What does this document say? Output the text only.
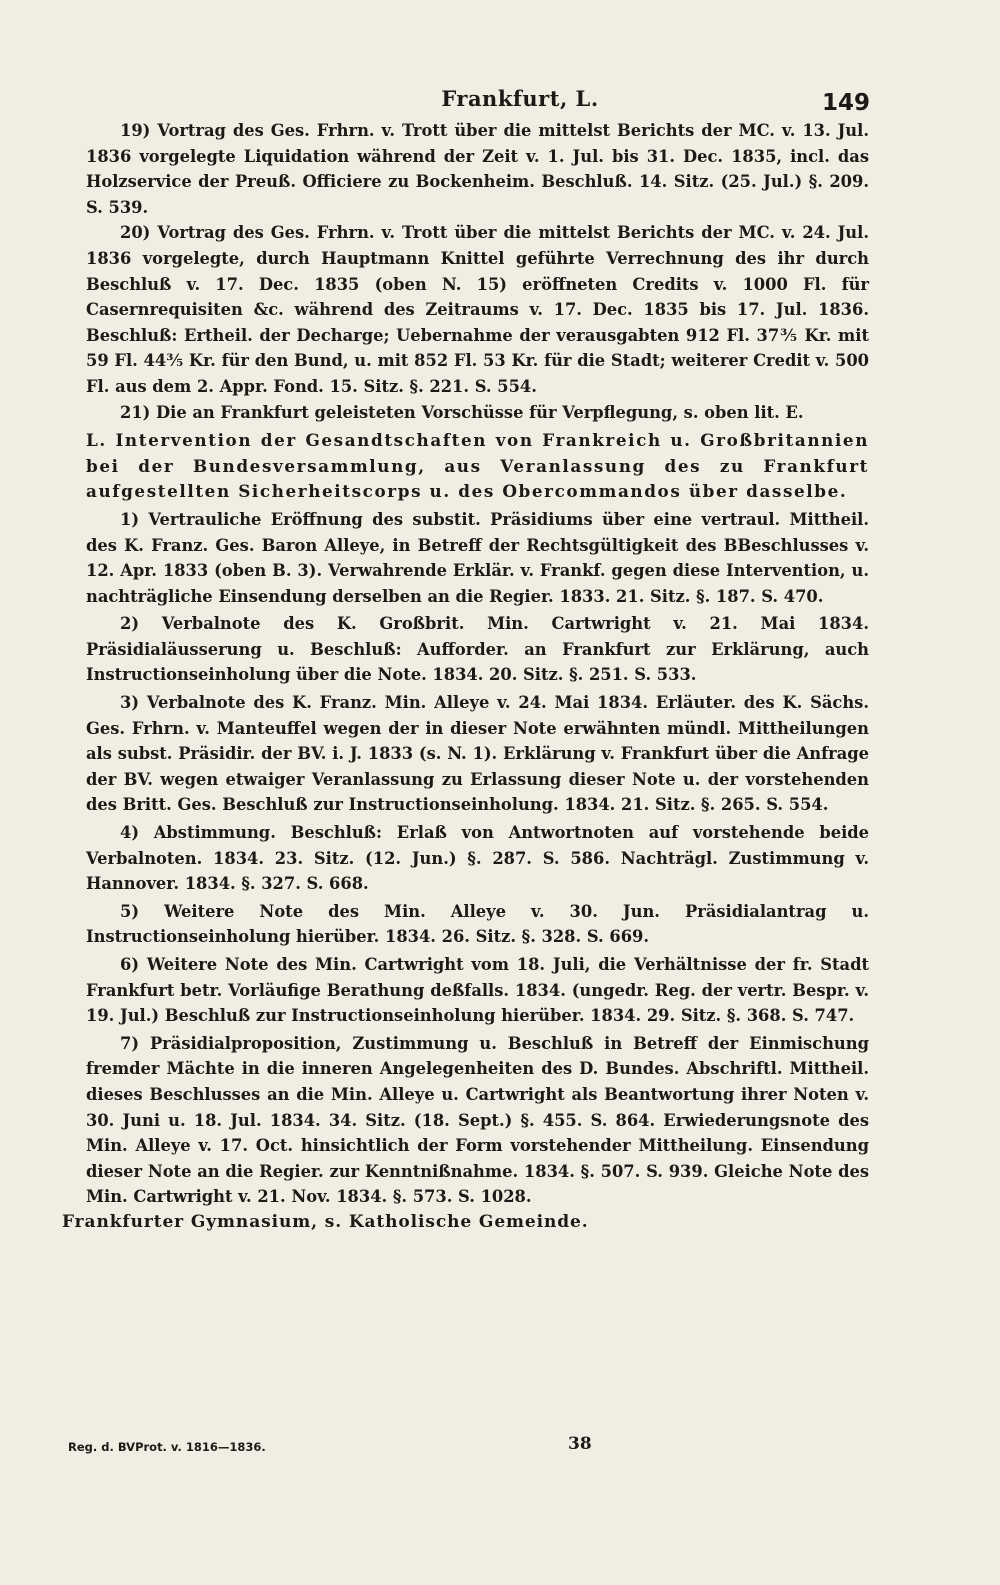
Frankfurt, L.	149

19) Vortrag des Ges. Frhrn. v. Trott über die mittelst Berichts der MC. v. 13. Jul. 1836 vorgelegte Liquidation während der Zeit v. 1. Jul. bis 31. Dec. 1835, incl. das Holzservice der Preuß. Officiere zu Bockenheim. Beschluß. 14. Sitz. (25. Jul.) §. 209. S. 539.

20) Vortrag des Ges. Frhrn. v. Trott über die mittelst Berichts der MC. v. 24. Jul. 1836 vorgelegte, durch Hauptmann Knittel geführte Verrechnung des ihr durch Beschluß v. 17. Dec. 1835 (oben N. 15) eröffneten Credits v. 1000 Fl. für Casernrequisiten &c. während des Zeitraums v. 17. Dec. 1835 bis 17. Jul. 1836. Beschluß: Ertheil. der Decharge; Uebernahme der verausgabten 912 Fl. 37⅗ Kr. mit 59 Fl. 44⅗ Kr. für den Bund, u. mit 852 Fl. 53 Kr. für die Stadt; weiterer Credit v. 500 Fl. aus dem 2. Appr. Fond. 15. Sitz. §. 221. S. 554.

21) Die an Frankfurt geleisteten Vorschüsse für Verpflegung, s. oben lit. E.

L. Intervention der Gesandtschaften von Frankreich u. Großbritannien bei der Bundesversammlung, aus Veranlassung des zu Frankfurt aufgestellten Sicherheitscorps u. des Obercommandos über dasselbe.

1) Vertrauliche Eröffnung des substit. Präsidiums über eine vertraul. Mittheil. des K. Franz. Ges. Baron Alleye, in Betreff der Rechtsgültigkeit des BBeschlusses v. 12. Apr. 1833 (oben B. 3). Verwahrende Erklär. v. Frankf. gegen diese Intervention, u. nachträgliche Einsendung derselben an die Regier. 1833. 21. Sitz. §. 187. S. 470.

2) Verbalnote des K. Großbrit. Min. Cartwright v. 21. Mai 1834. Präsidialäusserung u. Beschluß: Aufforder. an Frankfurt zur Erklärung, auch Instructionseinholung über die Note. 1834. 20. Sitz. §. 251. S. 533.

3) Verbalnote des K. Franz. Min. Alleye v. 24. Mai 1834. Erläuter. des K. Sächs. Ges. Frhrn. v. Manteuffel wegen der in dieser Note erwähnten mündl. Mittheilungen als subst. Präsidir. der BV. i. J. 1833 (s. N. 1). Erklärung v. Frankfurt über die Anfrage der BV. wegen etwaiger Veranlassung zu Erlassung dieser Note u. der vorstehenden des Britt. Ges. Beschluß zur Instructionseinholung. 1834. 21. Sitz. §. 265. S. 554.

4) Abstimmung. Beschluß: Erlaß von Antwortnoten auf vorstehende beide Verbalnoten. 1834. 23. Sitz. (12. Jun.) §. 287. S. 586. Nachträgl. Zustimmung v. Hannover. 1834. §. 327. S. 668.

5) Weitere Note des Min. Alleye v. 30. Jun. Präsidialantrag u. Instructionseinholung hierüber. 1834. 26. Sitz. §. 328. S. 669.

6) Weitere Note des Min. Cartwright vom 18. Juli, die Verhältnisse der fr. Stadt Frankfurt betr. Vorläufige Berathung deßfalls. 1834. (ungedr. Reg. der vertr. Bespr. v. 19. Jul.) Beschluß zur Instructionseinholung hierüber. 1834. 29. Sitz. §. 368. S. 747.

7) Präsidialproposition, Zustimmung u. Beschluß in Betreff der Einmischung fremder Mächte in die inneren Angelegenheiten des D. Bundes. Abschriftl. Mittheil. dieses Beschlusses an die Min. Alleye u. Cartwright als Beantwortung ihrer Noten v. 30. Juni u. 18. Jul. 1834. 34. Sitz. (18. Sept.) §. 455. S. 864. Erwiederungsnote des Min. Alleye v. 17. Oct. hinsichtlich der Form vorstehender Mittheilung. Einsendung dieser Note an die Regier. zur Kenntnißnahme. 1834. §. 507. S. 939. Gleiche Note des Min. Cartwright v. 21. Nov. 1834. §. 573. S. 1028.

Frankfurter Gymnasium, s. Katholische Gemeinde.

Reg. d. BVProt. v. 1816—1836.	38
